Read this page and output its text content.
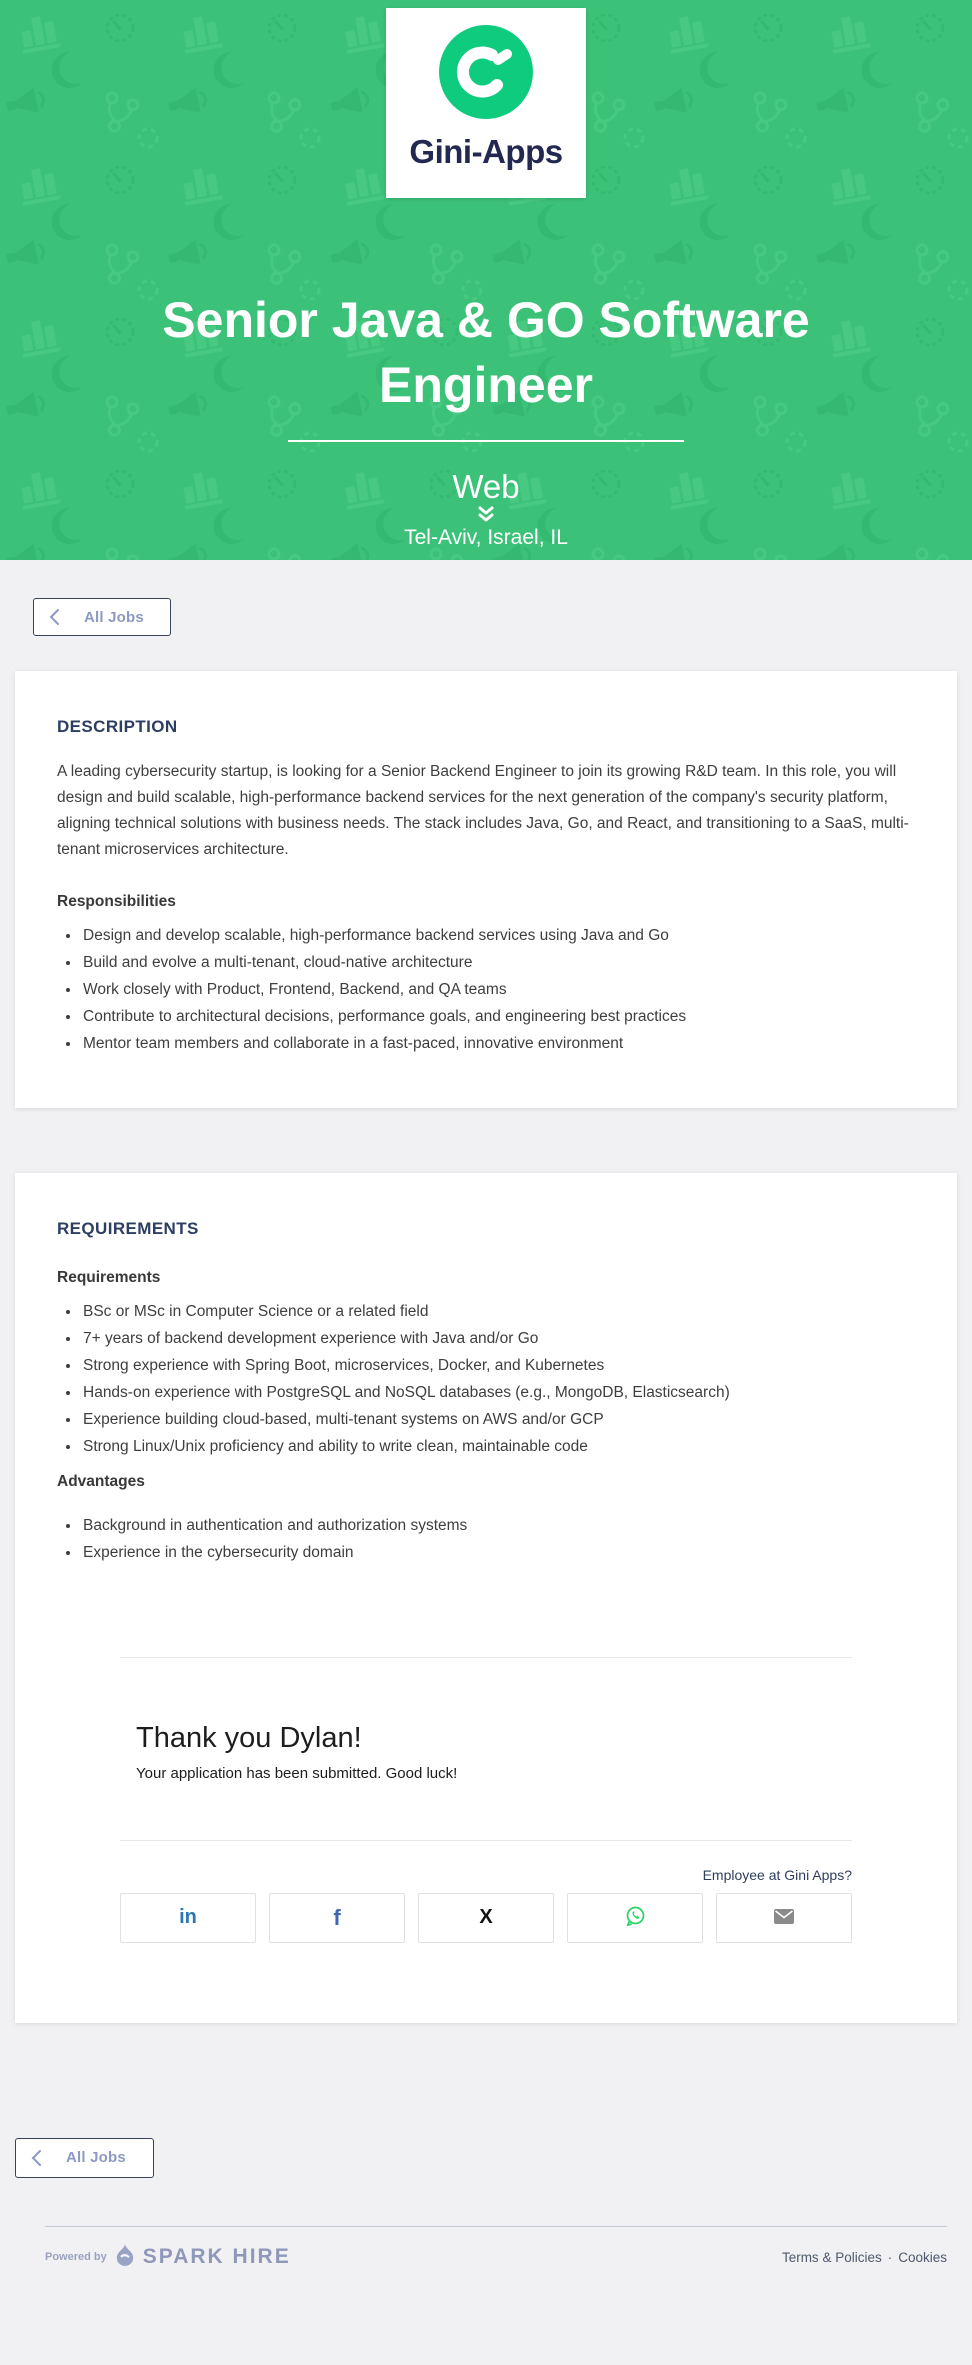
Gini-Apps
Senior Java & GO Software Engineer
Web
Tel-Aviv, Israel, IL
All Jobs
DESCRIPTION

A leading cybersecurity startup, is looking for a Senior Backend Engineer to join its growing R&D team. In this role, you will design and build scalable, high-performance backend services for the next generation of the company's security platform, aligning technical solutions with business needs. The stack includes Java, Go, and React, and transitioning to a SaaS, multi-tenant microservices architecture.

Responsibilities
• Design and develop scalable, high-performance backend services using Java and Go
• Build and evolve a multi-tenant, cloud-native architecture
• Work closely with Product, Frontend, Backend, and QA teams
• Contribute to architectural decisions, performance goals, and engineering best practices
• Mentor team members and collaborate in a fast-paced, innovative environment
REQUIREMENTS
Requirements
• BSc or MSc in Computer Science or a related field
• 7+ years of backend development experience with Java and/or Go
• Strong experience with Spring Boot, microservices, Docker, and Kubernetes
• Hands-on experience with PostgreSQL and NoSQL databases (e.g., MongoDB, Elasticsearch)
• Experience building cloud-based, multi-tenant systems on AWS and/or GCP
• Strong Linux/Unix proficiency and ability to write clean, maintainable code
Advantages
• Background in authentication and authorization systems
• Experience in the cybersecurity domain
Thank you Dylan!

Your application has been submitted. Good luck!

Employee at Gini Apps?
in	f	X
All Jobs
Powered by SPARK HIRE	Terms & Policies · Cookies
